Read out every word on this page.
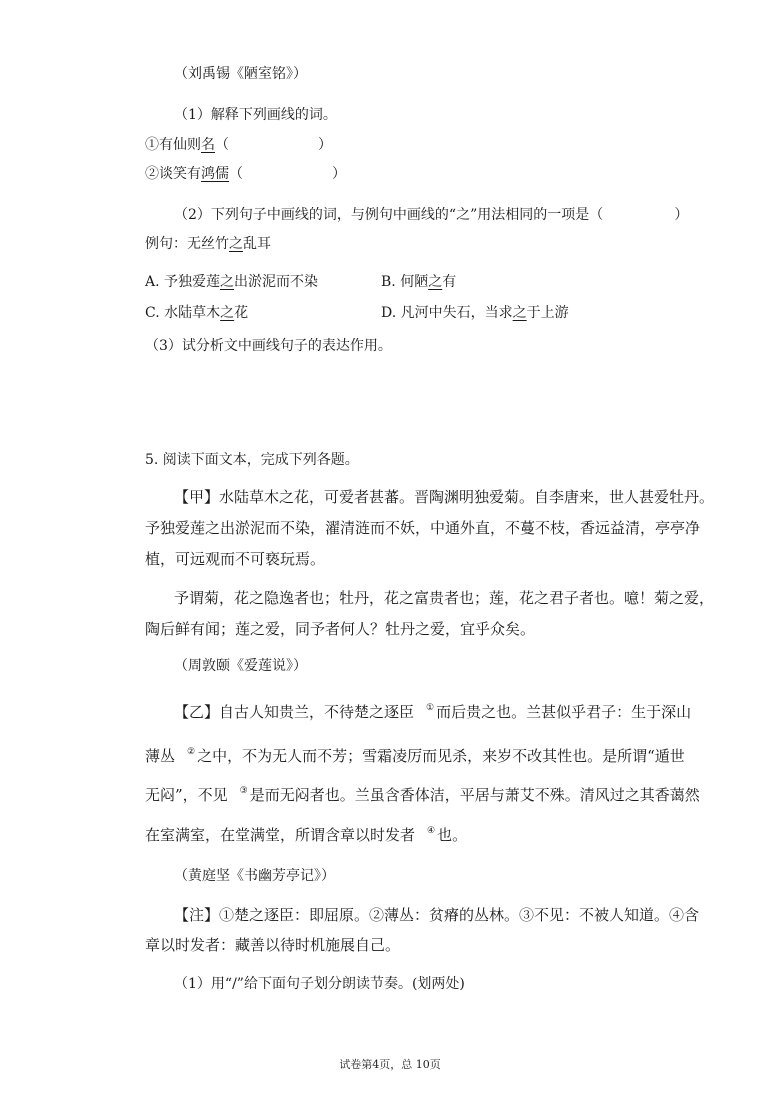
（刘禹锡《陋室铭》）
（1）解释下列画线的词。
①有仙则名（                    ）
②谈笑有鸿儒（                    ）
（2）下列句子中画线的词，与例句中画线的“之”用法相同的一项是（                ）
例句：无丝竹之乱耳
A. 予独爱莲之出淤泥而不染	B. 何陋之有
C. 水陆草木之花	D. 凡河中失石，当求之于上游
（3）试分析文中画线句子的表达作用。
5. 阅读下面文本，完成下列各题。
【甲】水陆草木之花，可爱者甚蕃。晋陶渊明独爱菊。自李唐来，世人甚爱牡丹。
予独爱莲之出淤泥而不染，濯清涟而不妖，中通外直，不蔓不枝，香远益清，亭亭净
植，可远观而不可亵玩焉。
予谓菊，花之隐逸者也；牡丹，花之富贵者也；莲，花之君子者也。噫！菊之爱，
陶后鲜有闻；莲之爱，同予者何人？牡丹之爱，宜乎众矣。
（周敦颐《爱莲说》）
【乙】自古人知贵兰，不待楚之逐臣 ① 而后贵之也。兰甚似乎君子：生于深山
薄丛 ② 之中，不为无人而不芳；雪霜凌厉而见杀，来岁不改其性也。是所谓“遁世
无闷”，不见 ③ 是而无闷者也。兰虽含香体洁，平居与萧艾不殊。清风过之其香蔼然
在室满室，在堂满堂，所谓含章以时发者 ④ 也。
（黄庭坚《书幽芳亭记》）
【注】①楚之逐臣：即屈原。②薄丛：贫瘠的丛林。③不见：不被人知道。④含
章以时发者：藏善以待时机施展自己。
（1）用“/”给下面句子划分朗读节奏。(划两处)
试卷第4页，总 10页
